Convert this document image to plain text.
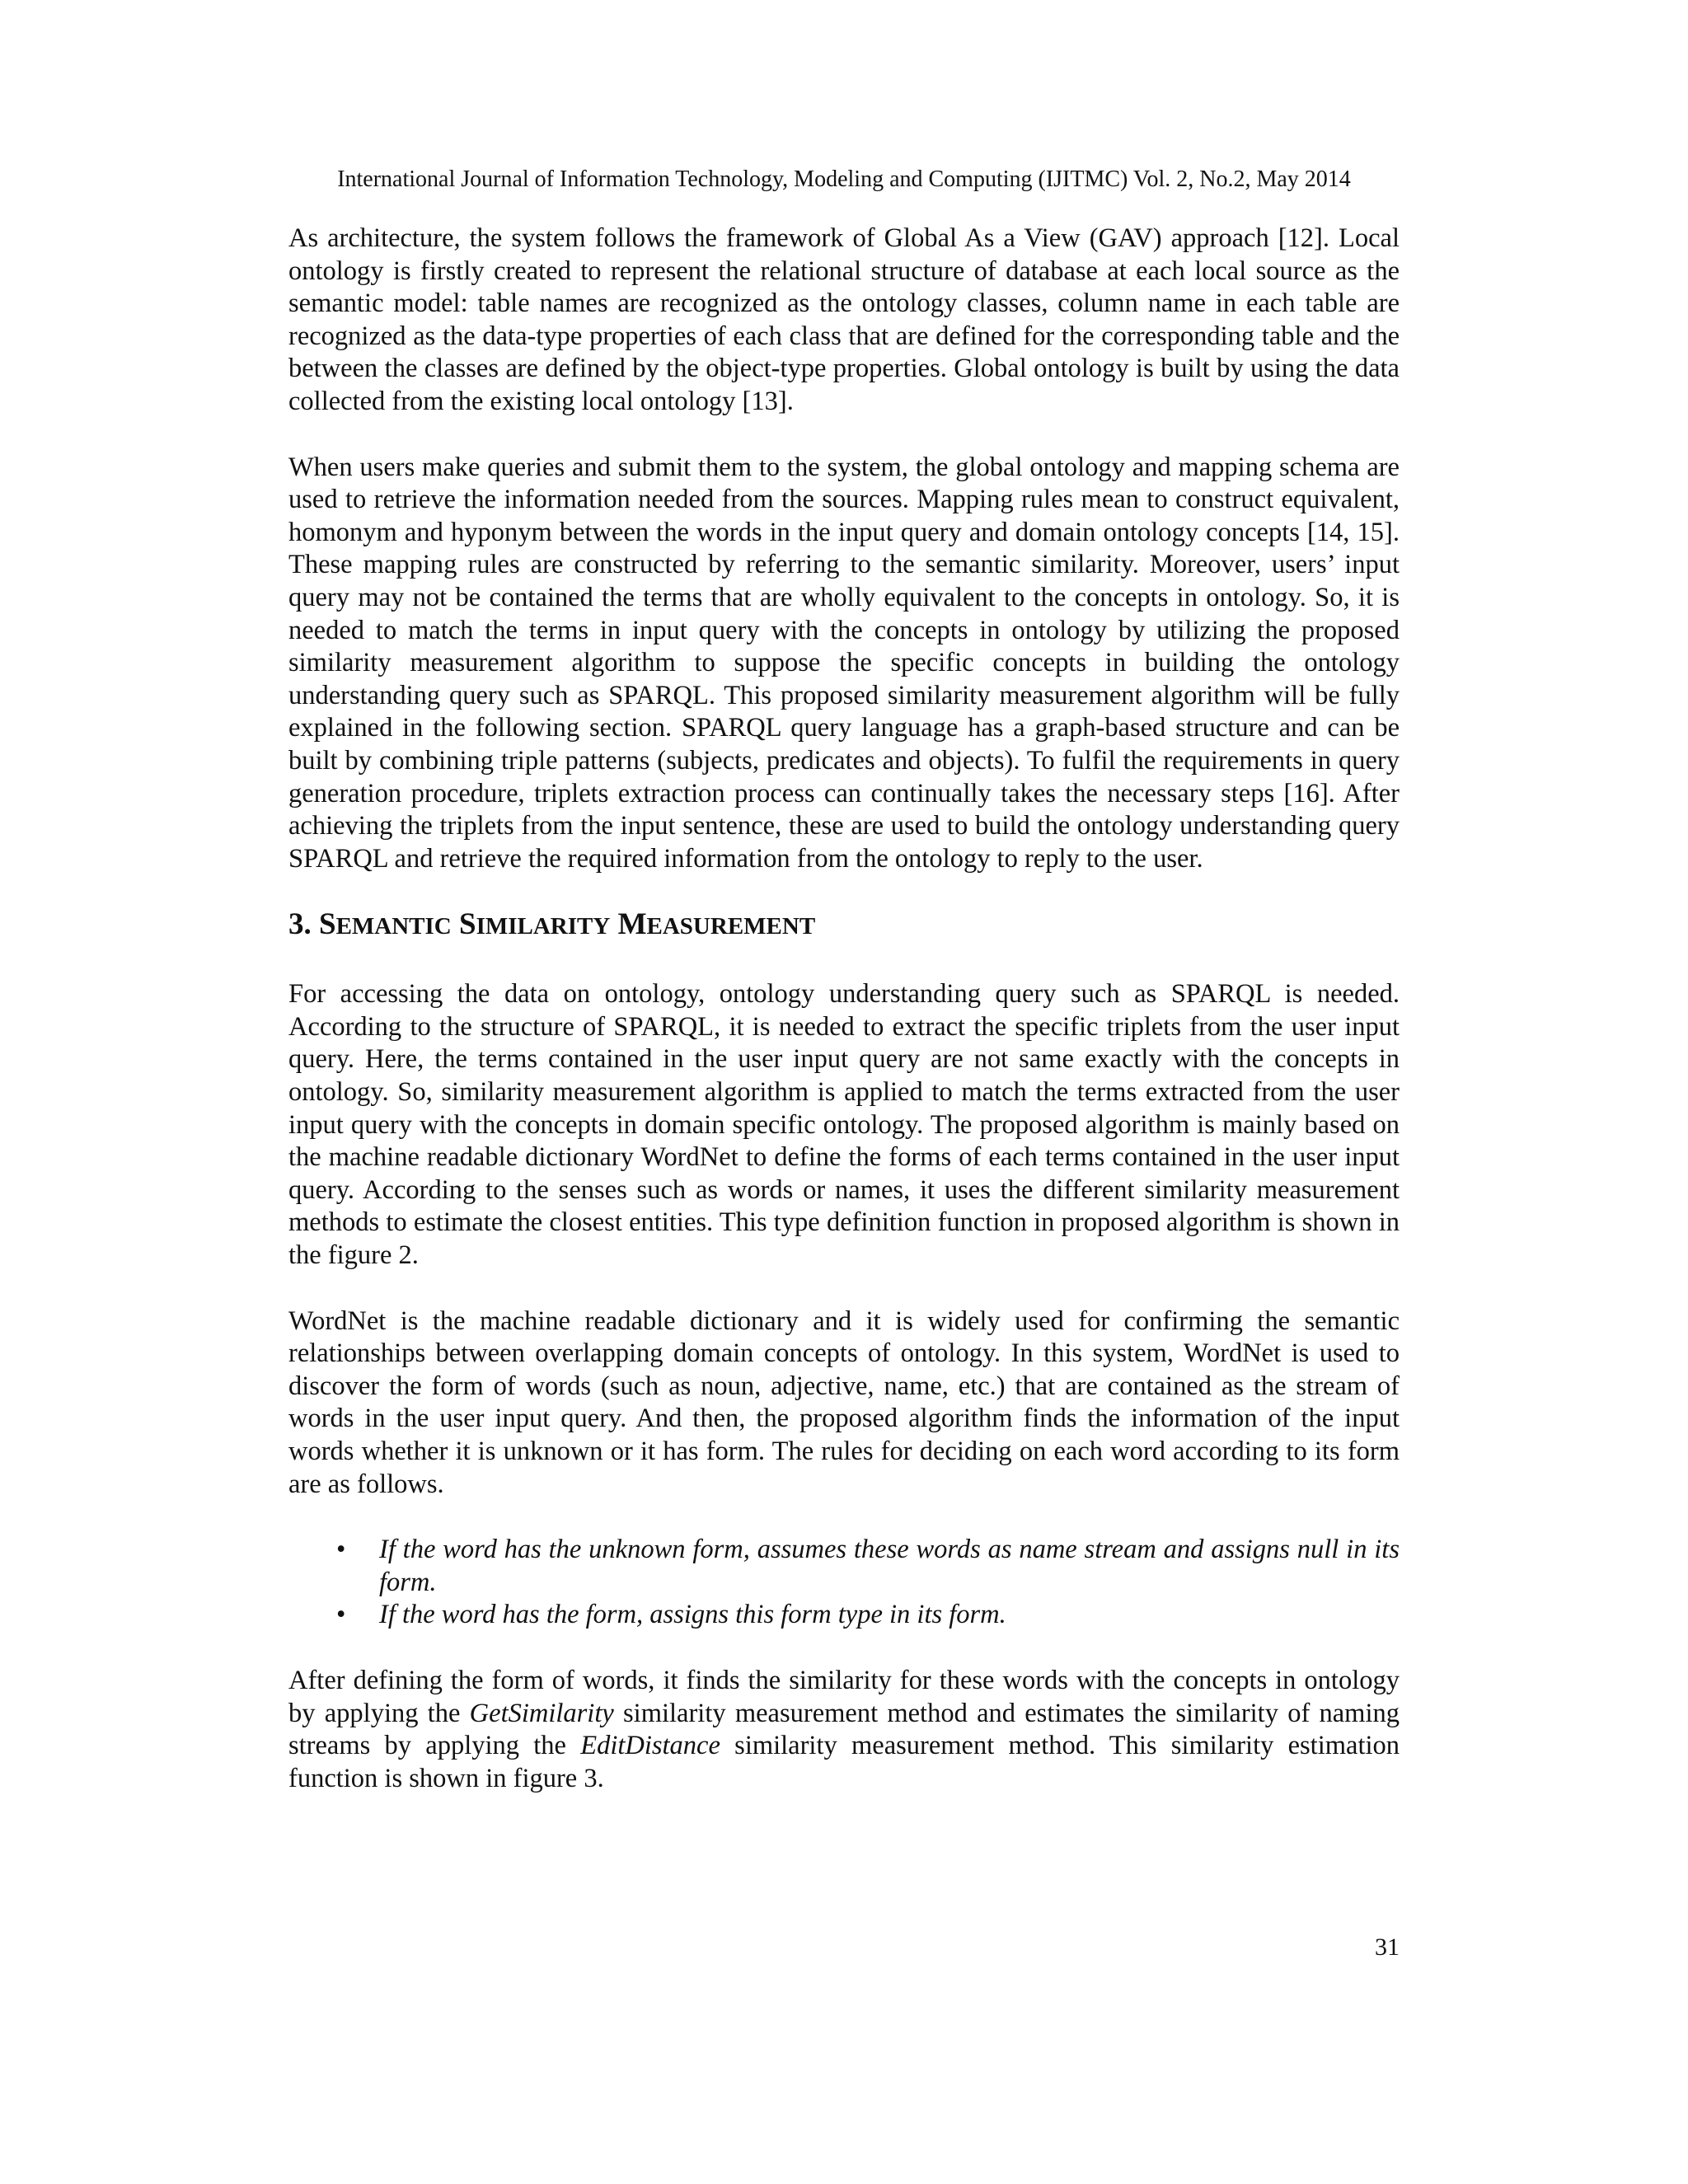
International Journal of Information Technology, Modeling and Computing (IJITMC) Vol. 2, No.2, May 2014

As architecture, the system follows the framework of Global As a View (GAV) approach [12]. Local ontology is firstly created to represent the relational structure of database at each local source as the semantic model: table names are recognized as the ontology classes, column name in each table are recognized as the data-type properties of each class that are defined for the corresponding table and the between the classes are defined by the object-type properties. Global ontology is built by using the data collected from the existing local ontology [13].

When users make queries and submit them to the system, the global ontology and mapping schema are used to retrieve the information needed from the sources. Mapping rules mean to construct equivalent, homonym and hyponym between the words in the input query and domain ontology concepts [14, 15]. These mapping rules are constructed by referring to the semantic similarity. Moreover, users’ input query may not be contained the terms that are wholly equivalent to the concepts in ontology. So, it is needed to match the terms in input query with the concepts in ontology by utilizing the proposed similarity measurement algorithm to suppose the specific concepts in building the ontology understanding query such as SPARQL. This proposed similarity measurement algorithm will be fully explained in the following section. SPARQL query language has a graph-based structure and can be built by combining triple patterns (subjects, predicates and objects). To fulfil the requirements in query generation procedure, triplets extraction process can continually takes the necessary steps [16]. After achieving the triplets from the input sentence, these are used to build the ontology understanding query SPARQL and retrieve the required information from the ontology to reply to the user.

3. SEMANTIC SIMILARITY MEASUREMENT

For accessing the data on ontology, ontology understanding query such as SPARQL is needed. According to the structure of SPARQL, it is needed to extract the specific triplets from the user input query. Here, the terms contained in the user input query are not same exactly with the concepts in ontology. So, similarity measurement algorithm is applied to match the terms extracted from the user input query with the concepts in domain specific ontology. The proposed algorithm is mainly based on the machine readable dictionary WordNet to define the forms of each terms contained in the user input query. According to the senses such as words or names, it uses the different similarity measurement methods to estimate the closest entities. This type definition function in proposed algorithm is shown in the figure 2.

WordNet is the machine readable dictionary and it is widely used for confirming the semantic relationships between overlapping domain concepts of ontology. In this system, WordNet is used to discover the form of words (such as noun, adjective, name, etc.) that are contained as the stream of words in the user input query. And then, the proposed algorithm finds the information of the input words whether it is unknown or it has form. The rules for deciding on each word according to its form are as follows.

• If the word has the unknown form, assumes these words as name stream and assigns null in its form.
• If the word has the form, assigns this form type in its form.

After defining the form of words, it finds the similarity for these words with the concepts in ontology by applying the GetSimilarity similarity measurement method and estimates the similarity of naming streams by applying the EditDistance similarity measurement method. This similarity estimation function is shown in figure 3.

31
